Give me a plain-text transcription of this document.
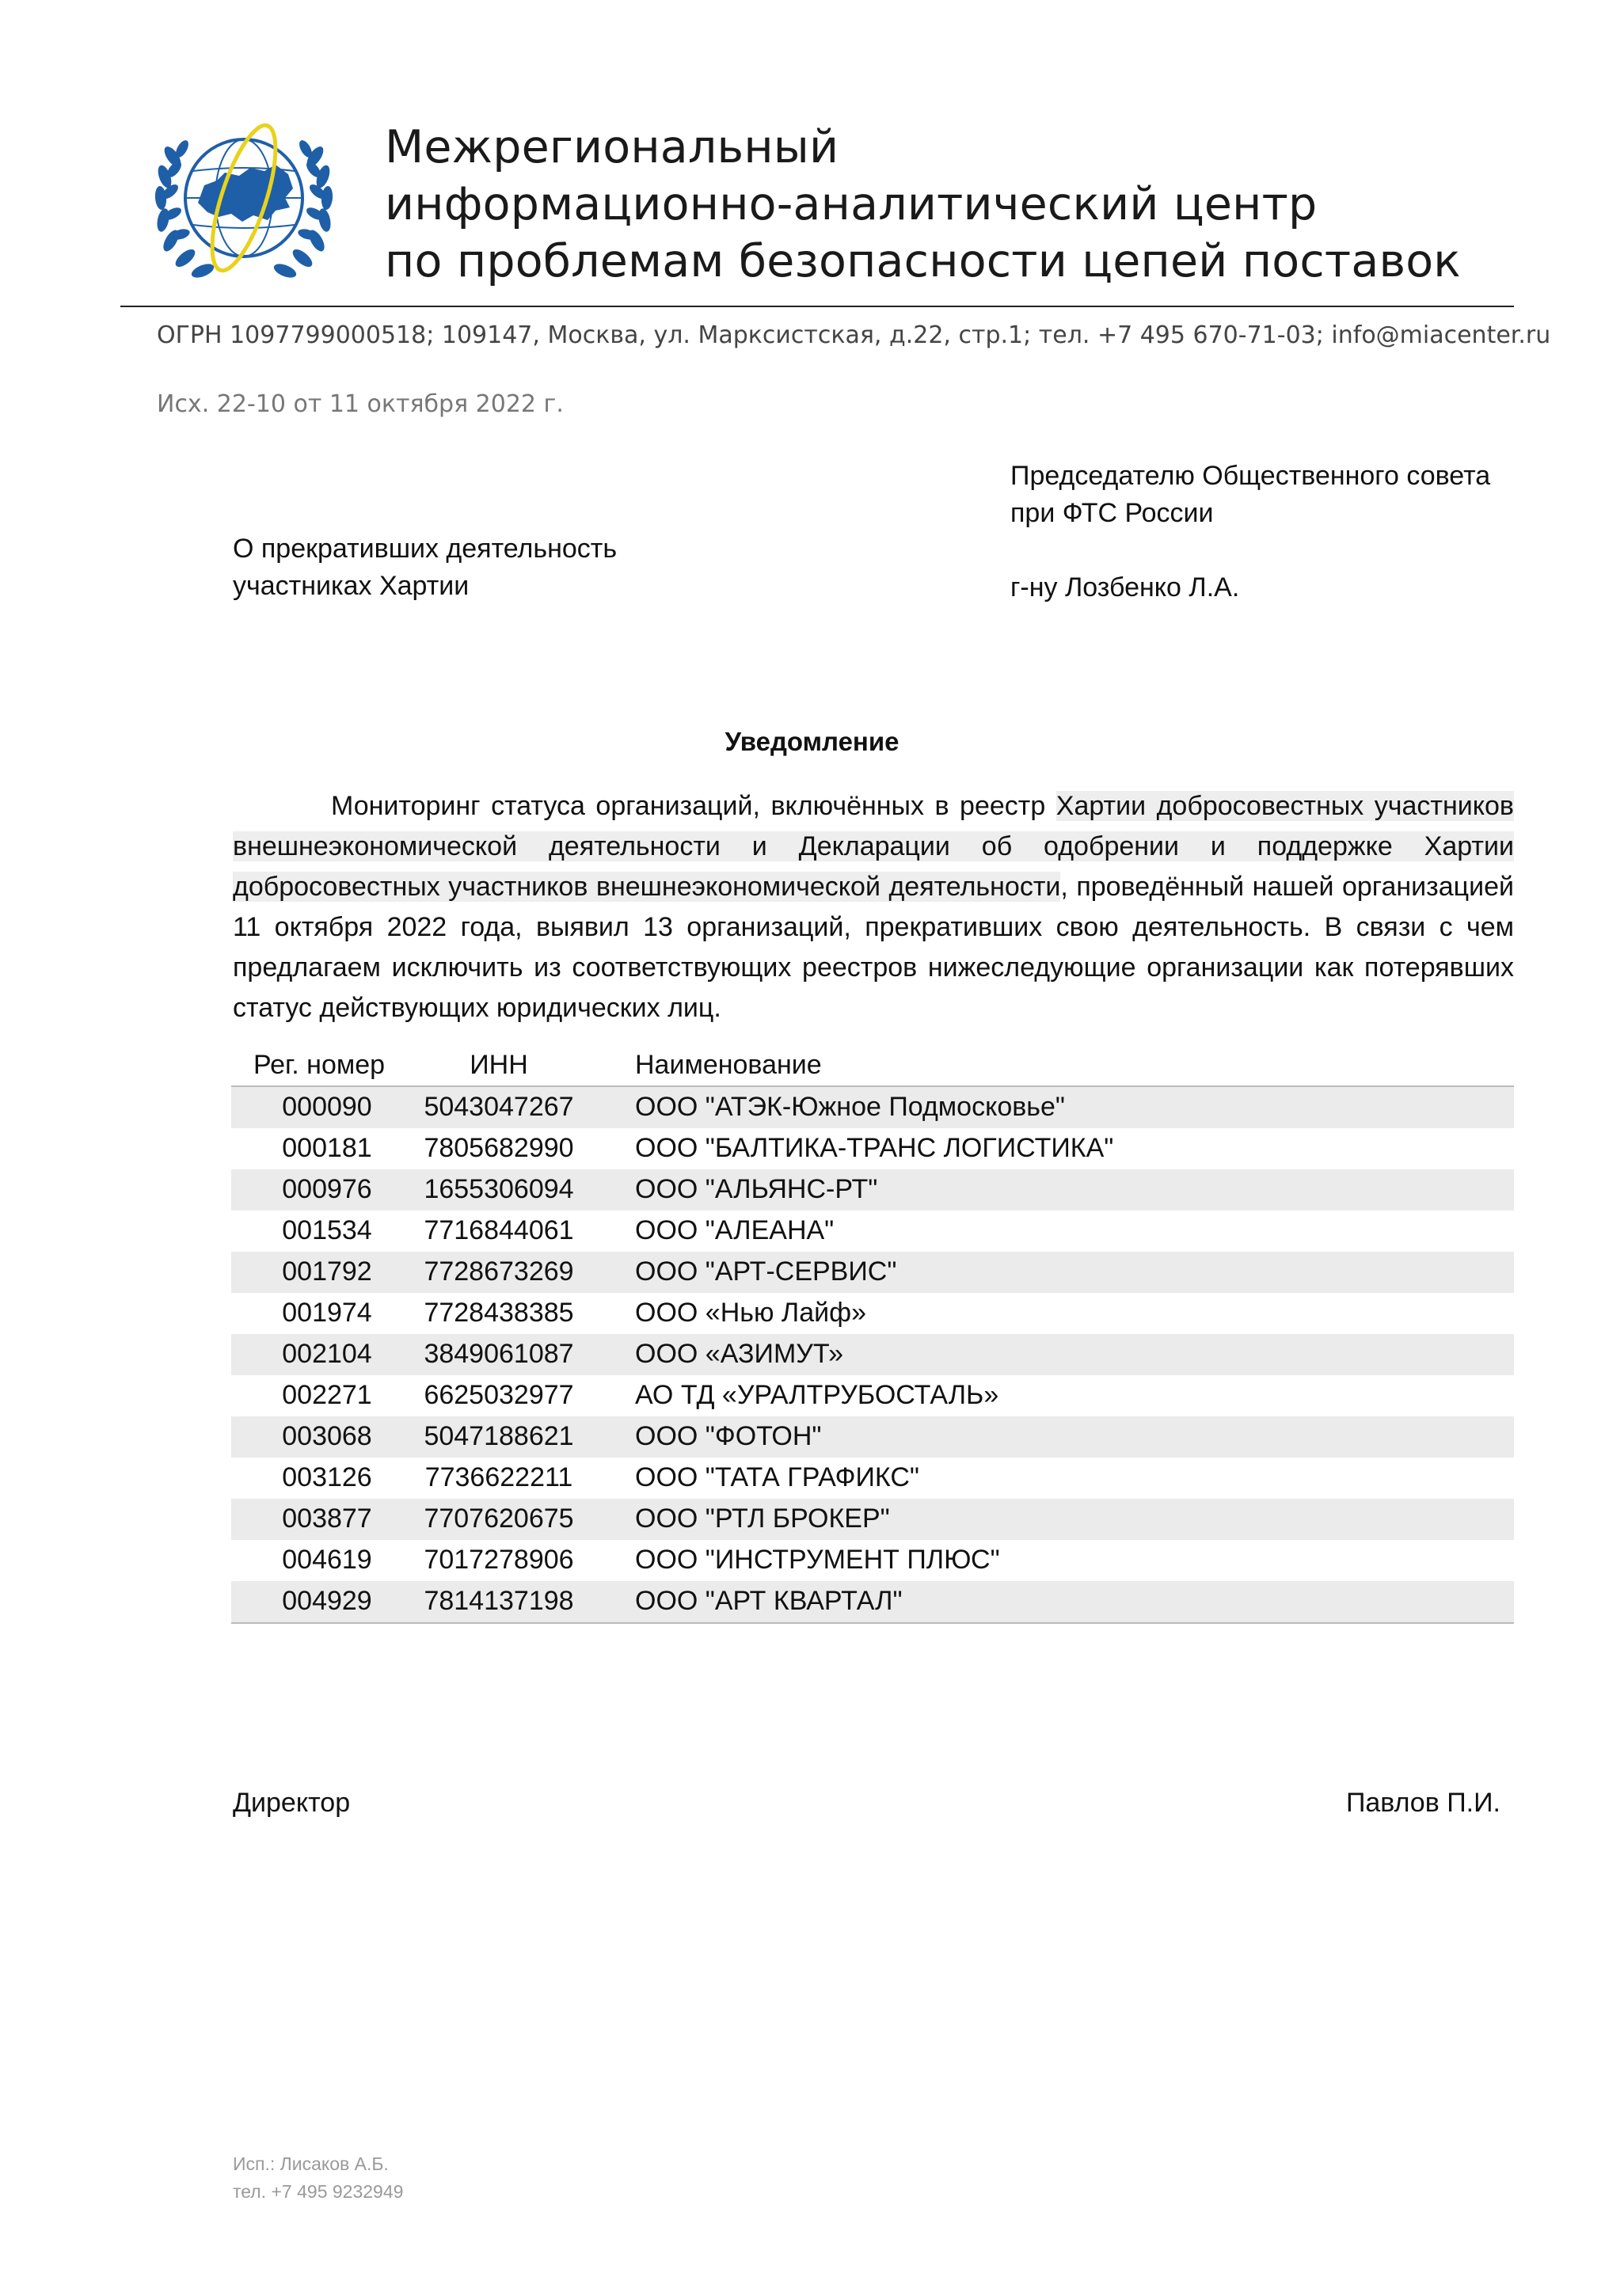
Межрегиональный
информационно-аналитический центр
по проблемам безопасности цепей поставок
ОГРН 1097799000518; 109147, Москва, ул. Марксистская, д.22, стр.1; тел. +7 495 670-71-03; info@miacenter.ru
Исх. 22-10 от 11 октября 2022 г.
Председателю Общественного совета
при ФТС России
г-ну Лозбенко Л.А.
О прекративших деятельность
участниках Хартии
Уведомление
Мониторинг статуса организаций, включённых в реестр Хартии добросовестных участников внешнеэкономической деятельности и Декларации об одобрении и поддержке Хартии добросовестных участников внешнеэкономической деятельности, проведённый нашей организацией 11 октября 2022 года, выявил 13 организаций, прекративших свою деятельность. В связи с чем предлагаем исключить из соответствующих реестров нижеследующие организации как потерявших статус действующих юридических лиц.
Рег. номер	ИНН	Наименование
000090	5043047267 ООО "АТЭК-Южное Подмосковье"
000181	7805682990 ООО "БАЛТИКА-ТРАНС ЛОГИСТИКА"
000976	1655306094 ООО "АЛЬЯНС-РТ"
001534	7716844061 ООО "АЛЕАНА"
001792	7728673269 ООО "АРТ-СЕРВИС"
001974	7728438385 ООО «Нью Лайф»
002104	3849061087 ООО «АЗИМУТ»
002271	6625032977 АО ТД «УРАЛТРУБОСТАЛЬ»
003068	5047188621 ООО "ФОТОН"
003126	7736622211 ООО "ТАТА ГРАФИКС"
003877	7707620675 ООО "РТЛ БРОКЕР"
004619	7017278906 ООО "ИНСТРУМЕНТ ПЛЮС"
004929	7814137198 ООО "АРТ КВАРТАЛ"
Директор	Павлов П.И.
Исп.: Лисаков А.Б.
тел. +7 495 9232949
